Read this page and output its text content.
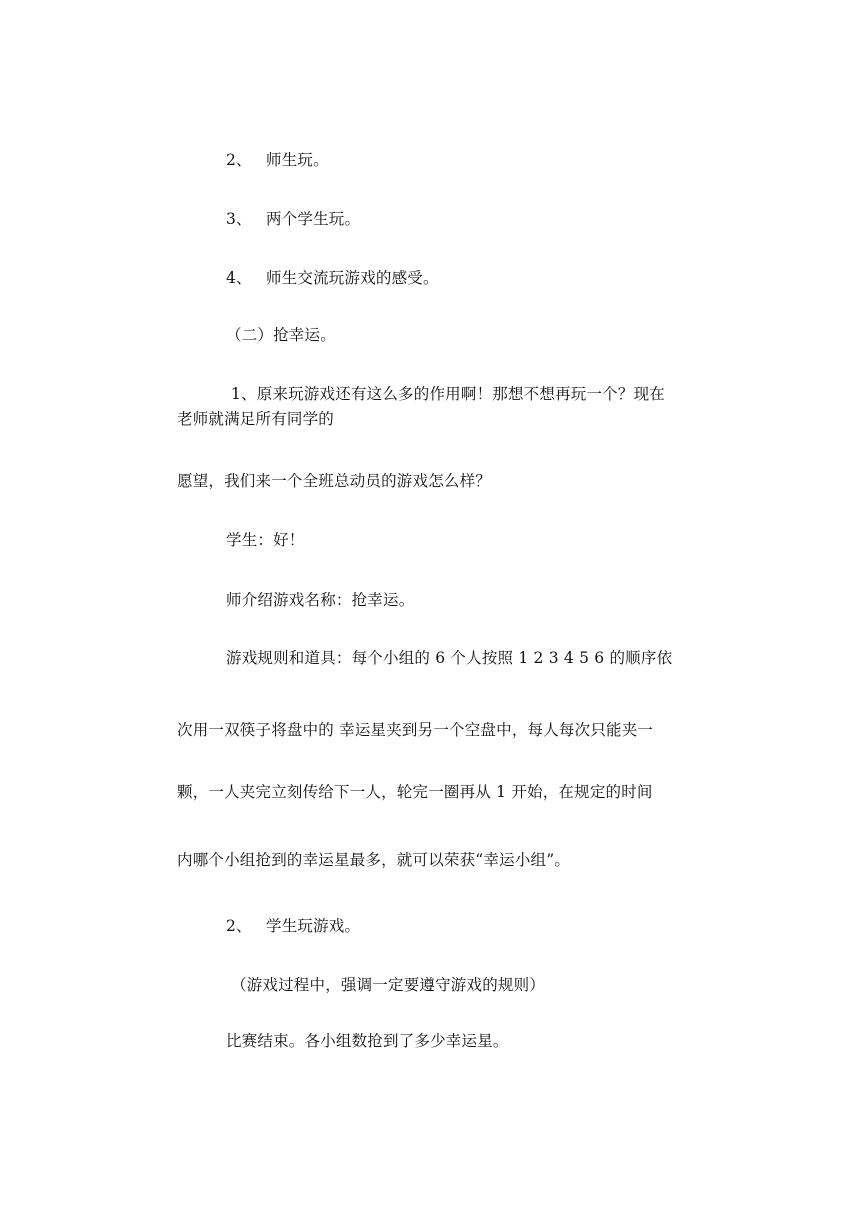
2、 师生玩。
3、 两个学生玩。
4、 师生交流玩游戏的感受。
（二）抢幸运。
1、原来玩游戏还有这么多的作用啊！那想不想再玩一个？现在
老师就满足所有同学的
愿望，我们来一个全班总动员的游戏怎么样？
学生：好！
师介绍游戏名称：抢幸运。
游戏规则和道具：每个小组的 6 个人按照 1 2 3 4 5 6 的顺序依
次用一双筷子将盘中的 幸运星夹到另一个空盘中，每人每次只能夹一
颗，一人夹完立刻传给下一人，轮完一圈再从 1 开始，在规定的时间
内哪个小组抢到的幸运星最多，就可以荣获“幸运小组”。
2、 学生玩游戏。
（游戏过程中，强调一定要遵守游戏的规则）
比赛结束。各小组数抢到了多少幸运星。
